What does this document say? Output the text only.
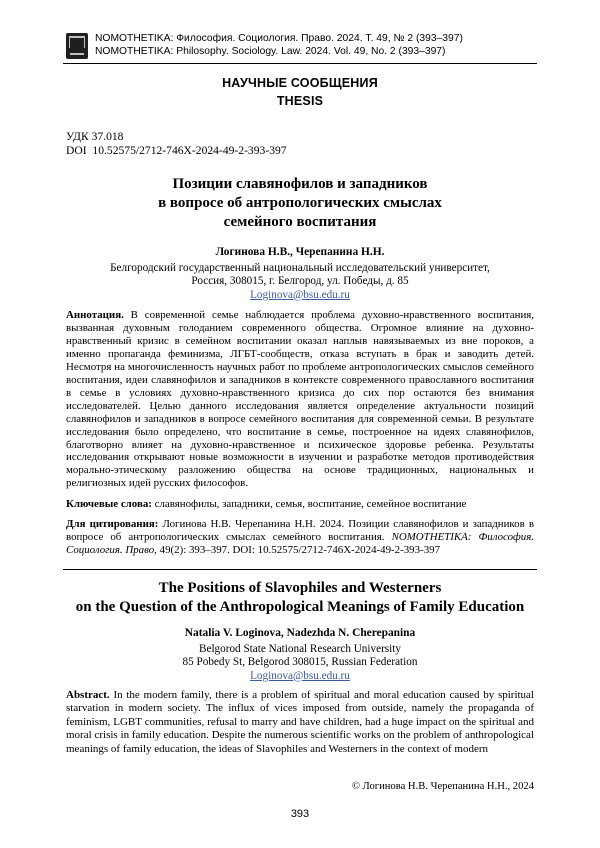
NOMOTHETIKA: Философия. Социология. Право. 2024. Т. 49, № 2 (393–397)
NOMOTHETIKA: Philosophy. Sociology. Law. 2024. Vol. 49, No. 2 (393–397)
НАУЧНЫЕ СООБЩЕНИЯ
THESIS
УДК 37.018
DOI 10.52575/2712-746X-2024-49-2-393-397
Позиции славянофилов и западников
в вопросе об антропологических смыслах
семейного воспитания
Логинова Н.В., Черепанина Н.Н.
Белгородский государственный национальный исследовательский университет,
Россия, 308015, г. Белгород, ул. Победы, д. 85
Loginova@bsu.edu.ru
Аннотация. В современной семье наблюдается проблема духовно-нравственного воспитания, вызванная духовным голоданием современного общества. Огромное влияние на духовно-нравственный кризис в семейном воспитании оказал наплыв навязываемых из вне пороков, а именно пропаганда феминизма, ЛГБТ-сообществ, отказа вступать в брак и заводить детей. Несмотря на многочисленность научных работ по проблеме антропологических смыслов семейного воспитания, идеи славянофилов и западников в контексте современного православного воспитания в семье в условиях духовно-нравственного кризиса до сих пор остаются без внимания исследователей. Целью данного исследования является определение актуальности позиций славянофилов и западников в вопросе семейного воспитания для современной семьи. В результате исследования было определено, что воспитание в семье, построенное на идеях славянофилов, благотворно влияет на духовно-нравственное и психическое здоровье ребенка. Результаты исследования открывают новые возможности в изучении и разработке методов противодействия морально-этическому разложению общества на основе традиционных, национальных и религиозных идей русских философов.
Ключевые слова: славянофилы, западники, семья, воспитание, семейное воспитание
Для цитирования: Логинова Н.В. Черепанина Н.Н. 2024. Позиции славянофилов и западников в вопросе об антропологических смыслах семейного воспитания. NOMOTHETIKA: Философия. Социология. Право, 49(2): 393–397. DOI: 10.52575/2712-746X-2024-49-2-393-397
The Positions of Slavophiles and Westerners
on the Question of the Anthropological Meanings of Family Education
Natalia V. Loginova, Nadezhda N. Cherepanina
Belgorod State National Research University
85 Pobedy St, Belgorod 308015, Russian Federation
Loginova@bsu.edu.ru
Abstract. In the modern family, there is a problem of spiritual and moral education caused by spiritual starvation in modern society. The influx of vices imposed from outside, namely the propaganda of feminism, LGBT communities, refusal to marry and have children, had a huge impact on the spiritual and moral crisis in family education. Despite the numerous scientific works on the problem of anthropological meanings of family education, the ideas of Slavophiles and Westerners in the context of modern
© Логинова Н.В. Черепанина Н.Н., 2024
393
